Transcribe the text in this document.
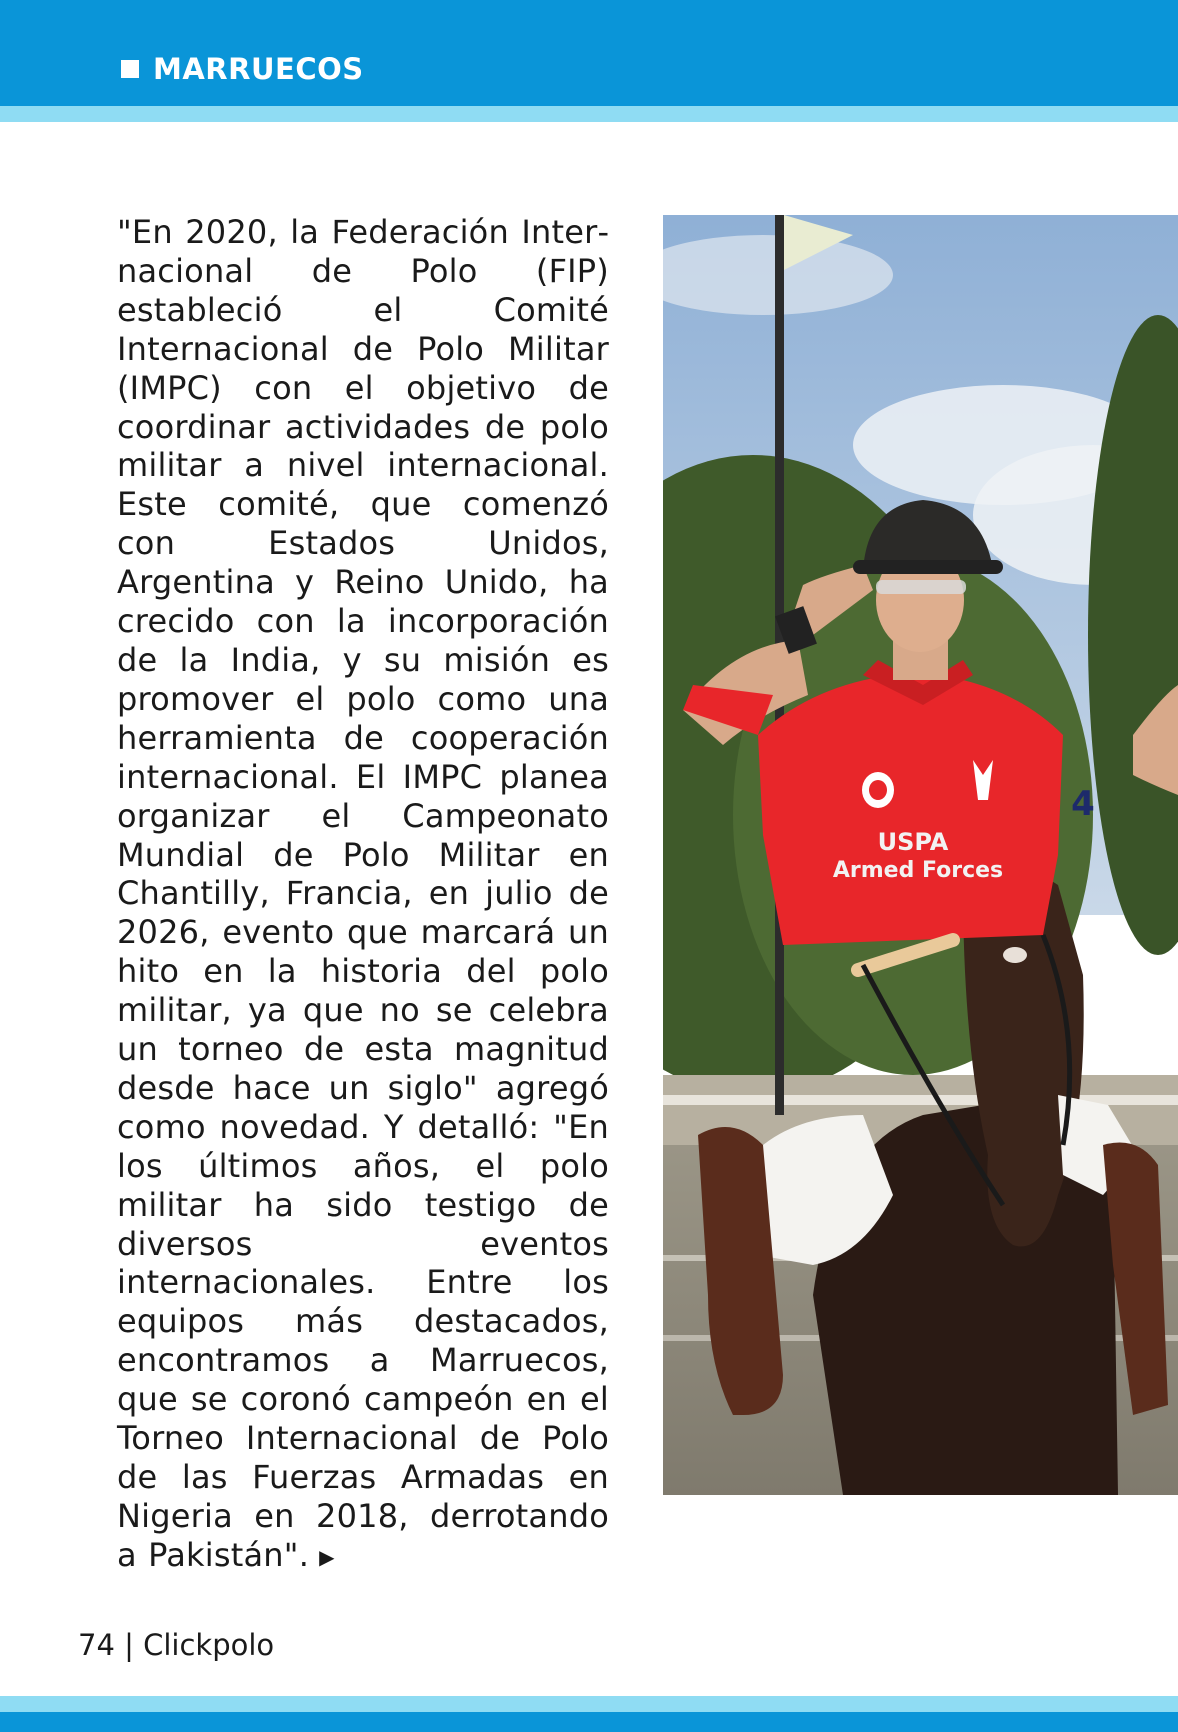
MARRUECOS

"En 2020, la Federación Internacional de Polo (FIP) estableció el Comité Internacional de Polo Militar (IMPC) con el objetivo de coordinar actividades de polo militar a nivel internacional. Este comité, que comenzó con Estados Unidos, Argentina y Reino Unido, ha crecido con la incorporación de la India, y su misión es promover el polo como una herramienta de cooperación internacional. El IMPC planea organizar el Campeonato Mundial de Polo Militar en Chantilly, Francia, en julio de 2026, evento que marcará un hito en la historia del polo militar, ya que no se celebra un torneo de esta magnitud desde hace un siglo" agregó como novedad. Y detalló: "En los últimos años, el polo militar ha sido testigo de diversos eventos internacionales. Entre los equipos más destacados, encontramos a Marruecos, que se coronó campeón en el Torneo Internacional de Polo de las Fuerzas Armadas en Nigeria en 2018, derrotando a Pakistán". ▶

USPA
Armed Forces
4
74 | Clickpolo
